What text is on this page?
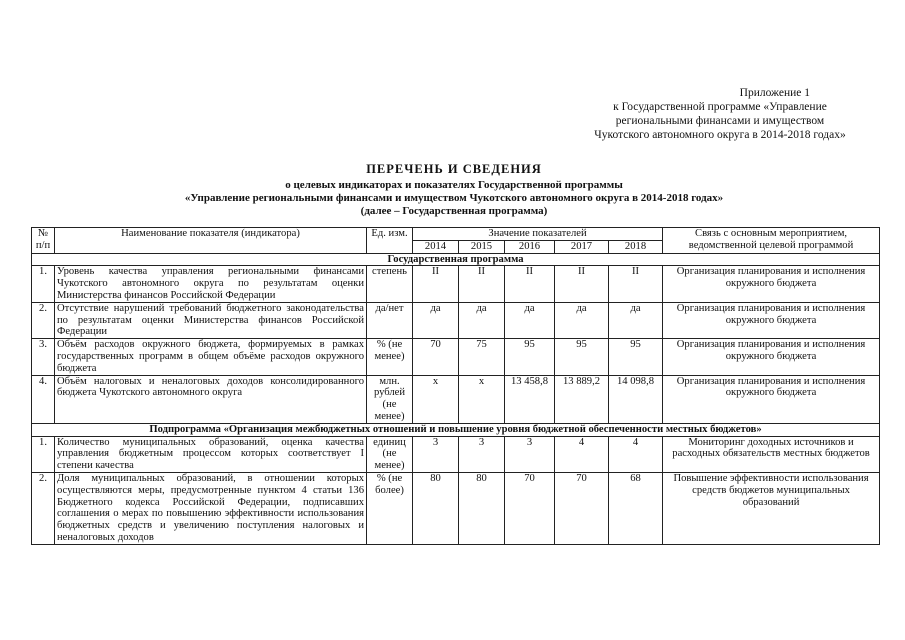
Приложение 1
к Государственной программе «Управление
региональными финансами и имуществом
Чукотского автономного округа в 2014-2018 годах»
ПЕРЕЧЕНЬ И СВЕДЕНИЯ
о целевых индикаторах и показателях Государственной программы
«Управление региональными финансами и имуществом Чукотского автономного округа в 2014-2018 годах»
(далее – Государственная программа)
№ п/п	Наименование показателя (индикатора)	Ед. изм.	Значение показателей					Связь с основным мероприятием, ведомственной целевой программой
			2014	2015	2016	2017	2018	
Государственная программа								
1.	Уровень качества управления региональными финансами Чукотского автономного округа по результатам оценки Министерства финансов Российской Федерации	степень	II	II	II	II	II	Организация планирования и исполнения окружного бюджета
2.	Отсутствие нарушений требований бюджетного законодательства по результатам оценки Министерства финансов Российской Федерации	да/нет	да	да	да	да	да	Организация планирования и исполнения окружного бюджета
3.	Объём расходов окружного бюджета, формируемых в рамках государственных программ в общем объёме расходов окружного бюджета	% (не менее)	70	75	95	95	95	Организация планирования и исполнения окружного бюджета
4.	Объём налоговых и неналоговых доходов консолидированного бюджета Чукотского автономного округа	млн. рублей (не менее)	x	x	13 458,8	13 889,2	14 098,8	Организация планирования и исполнения окружного бюджета
Подпрограмма «Организация межбюджетных отношений и повышение уровня бюджетной обеспеченности местных бюджетов»								
1.	Количество муниципальных образований, оценка качества управления бюджетным процессом которых соответствует I степени качества	единиц (не менее)	3	3	3	4	4	Мониторинг доходных источников и расходных обязательств местных бюджетов
2.	Доля муниципальных образований, в отношении которых осуществляются меры, предусмотренные пунктом 4 статьи 136 Бюджетного кодекса Российской Федерации, подписавших соглашения о мерах по повышению эффективности использования бюджетных средств и увеличению поступления налоговых и неналоговых доходов	% (не более)	80	80	70	70	68	Повышение эффективности использования средств бюджетов муниципальных образований
